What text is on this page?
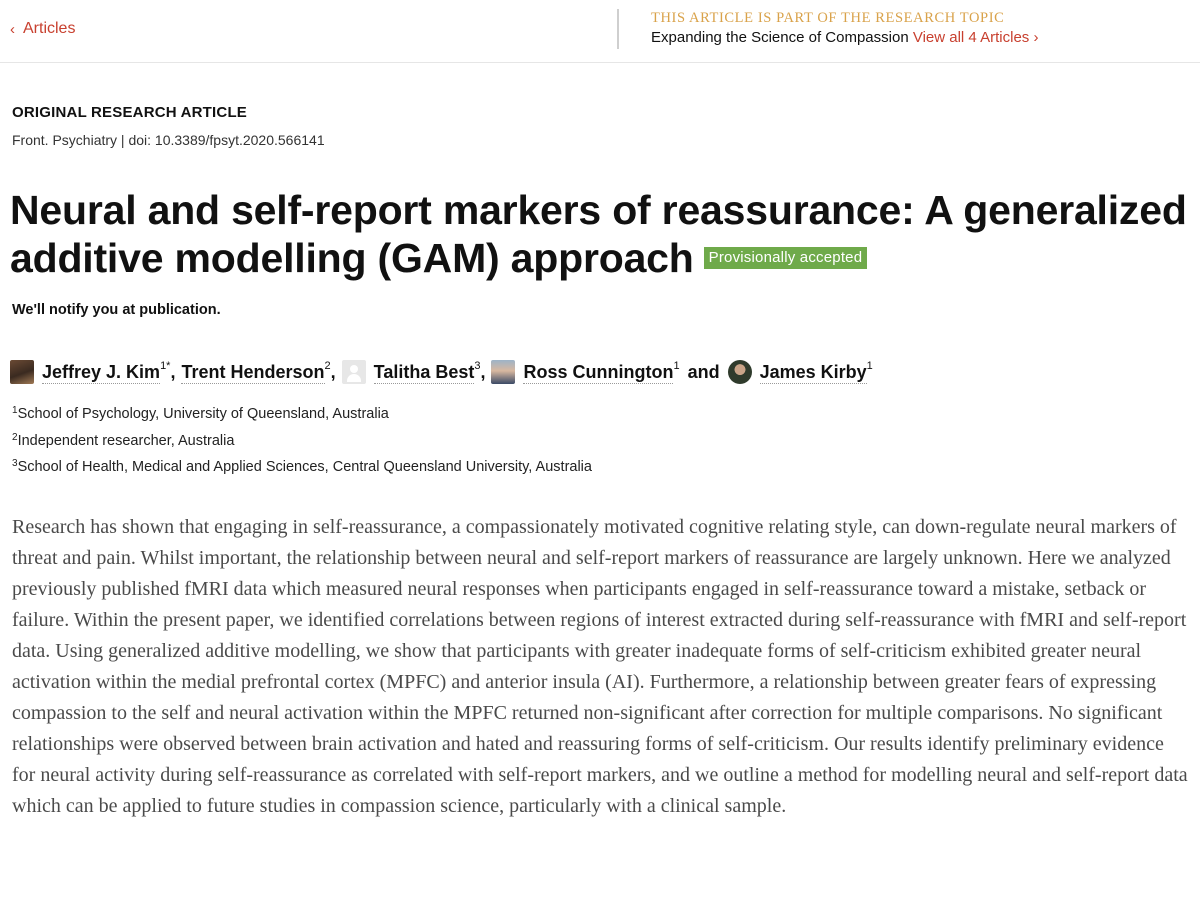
‹ Articles
THIS ARTICLE IS PART OF THE RESEARCH TOPIC
Expanding the Science of Compassion View all 4 Articles ›
ORIGINAL RESEARCH ARTICLE
Front. Psychiatry | doi: 10.3389/fpsyt.2020.566141
Neural and self-report markers of reassurance: A generalized additive modelling (GAM) approach Provisionally accepted
We'll notify you at publication.
Jeffrey J. Kim$^{1*}$ , Trent Henderson$^2$ , Talitha Best$^3$ , Ross Cunnington$^1$ and James Kirby$^1$
$^1$School of Psychology, University of Queensland, Australia
$^2$Independent researcher, Australia
$^3$School of Health, Medical and Applied Sciences, Central Queensland University, Australia

Research has shown that engaging in self-reassurance, a compassionately motivated cognitive relating style, can down-regulate neural markers of threat and pain. Whilst important, the relationship between neural and self-report markers of reassurance are largely unknown. Here we analyzed previously published fMRI data which measured neural responses when participants engaged in self-reassurance toward a mistake, setback or failure. Within the present paper, we identified correlations between regions of interest extracted during self-reassurance with fMRI and self-report data. Using generalized additive modelling, we show that participants with greater inadequate forms of self-criticism exhibited greater neural activation within the medial prefrontal cortex (MPFC) and anterior insula (AI). Furthermore, a relationship between greater fears of expressing compassion to the self and neural activation within the MPFC returned non-significant after correction for multiple comparisons. No significant relationships were observed between brain activation and hated and reassuring forms of self-criticism. Our results identify preliminary evidence for neural activity during self-reassurance as correlated with self-report markers, and we outline a method for modelling neural and self-report data which can be applied to future studies in compassion science, particularly with a clinical sample.
